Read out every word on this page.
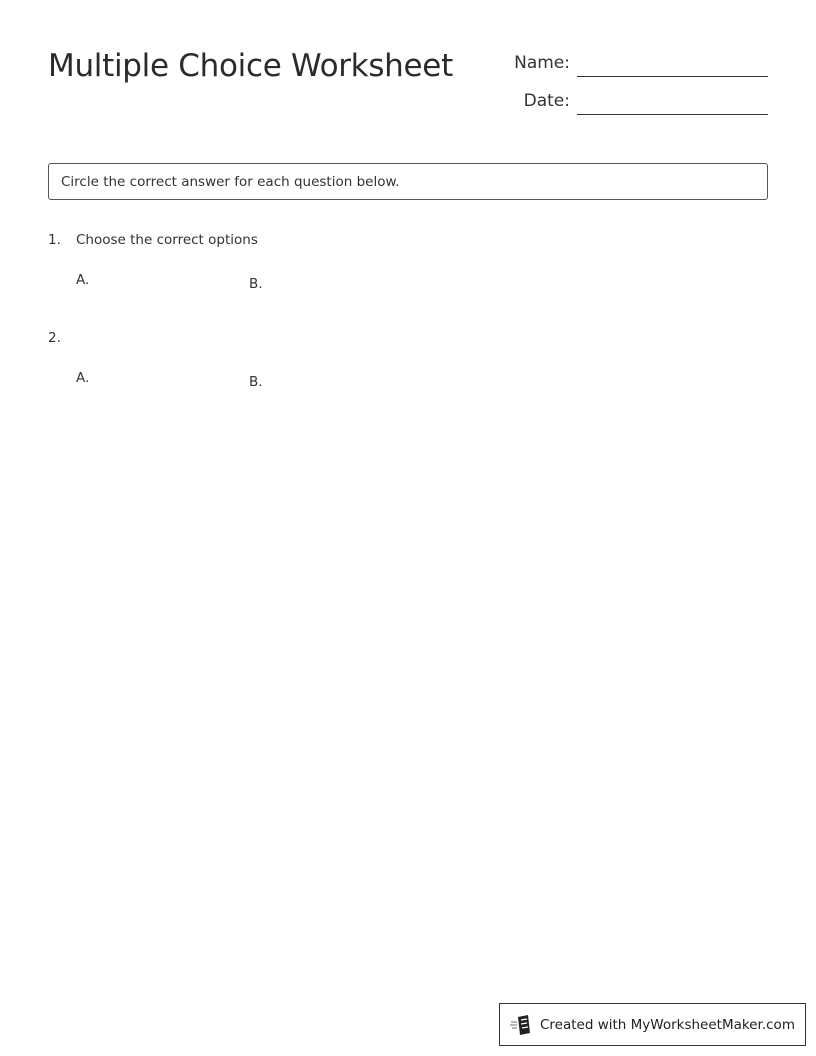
Multiple Choice Worksheet	Name:
Date:
Circle the correct answer for each question below.
1. Choose the correct options
A.	B.
2.
A.	B.
Created with MyWorksheetMaker.com
